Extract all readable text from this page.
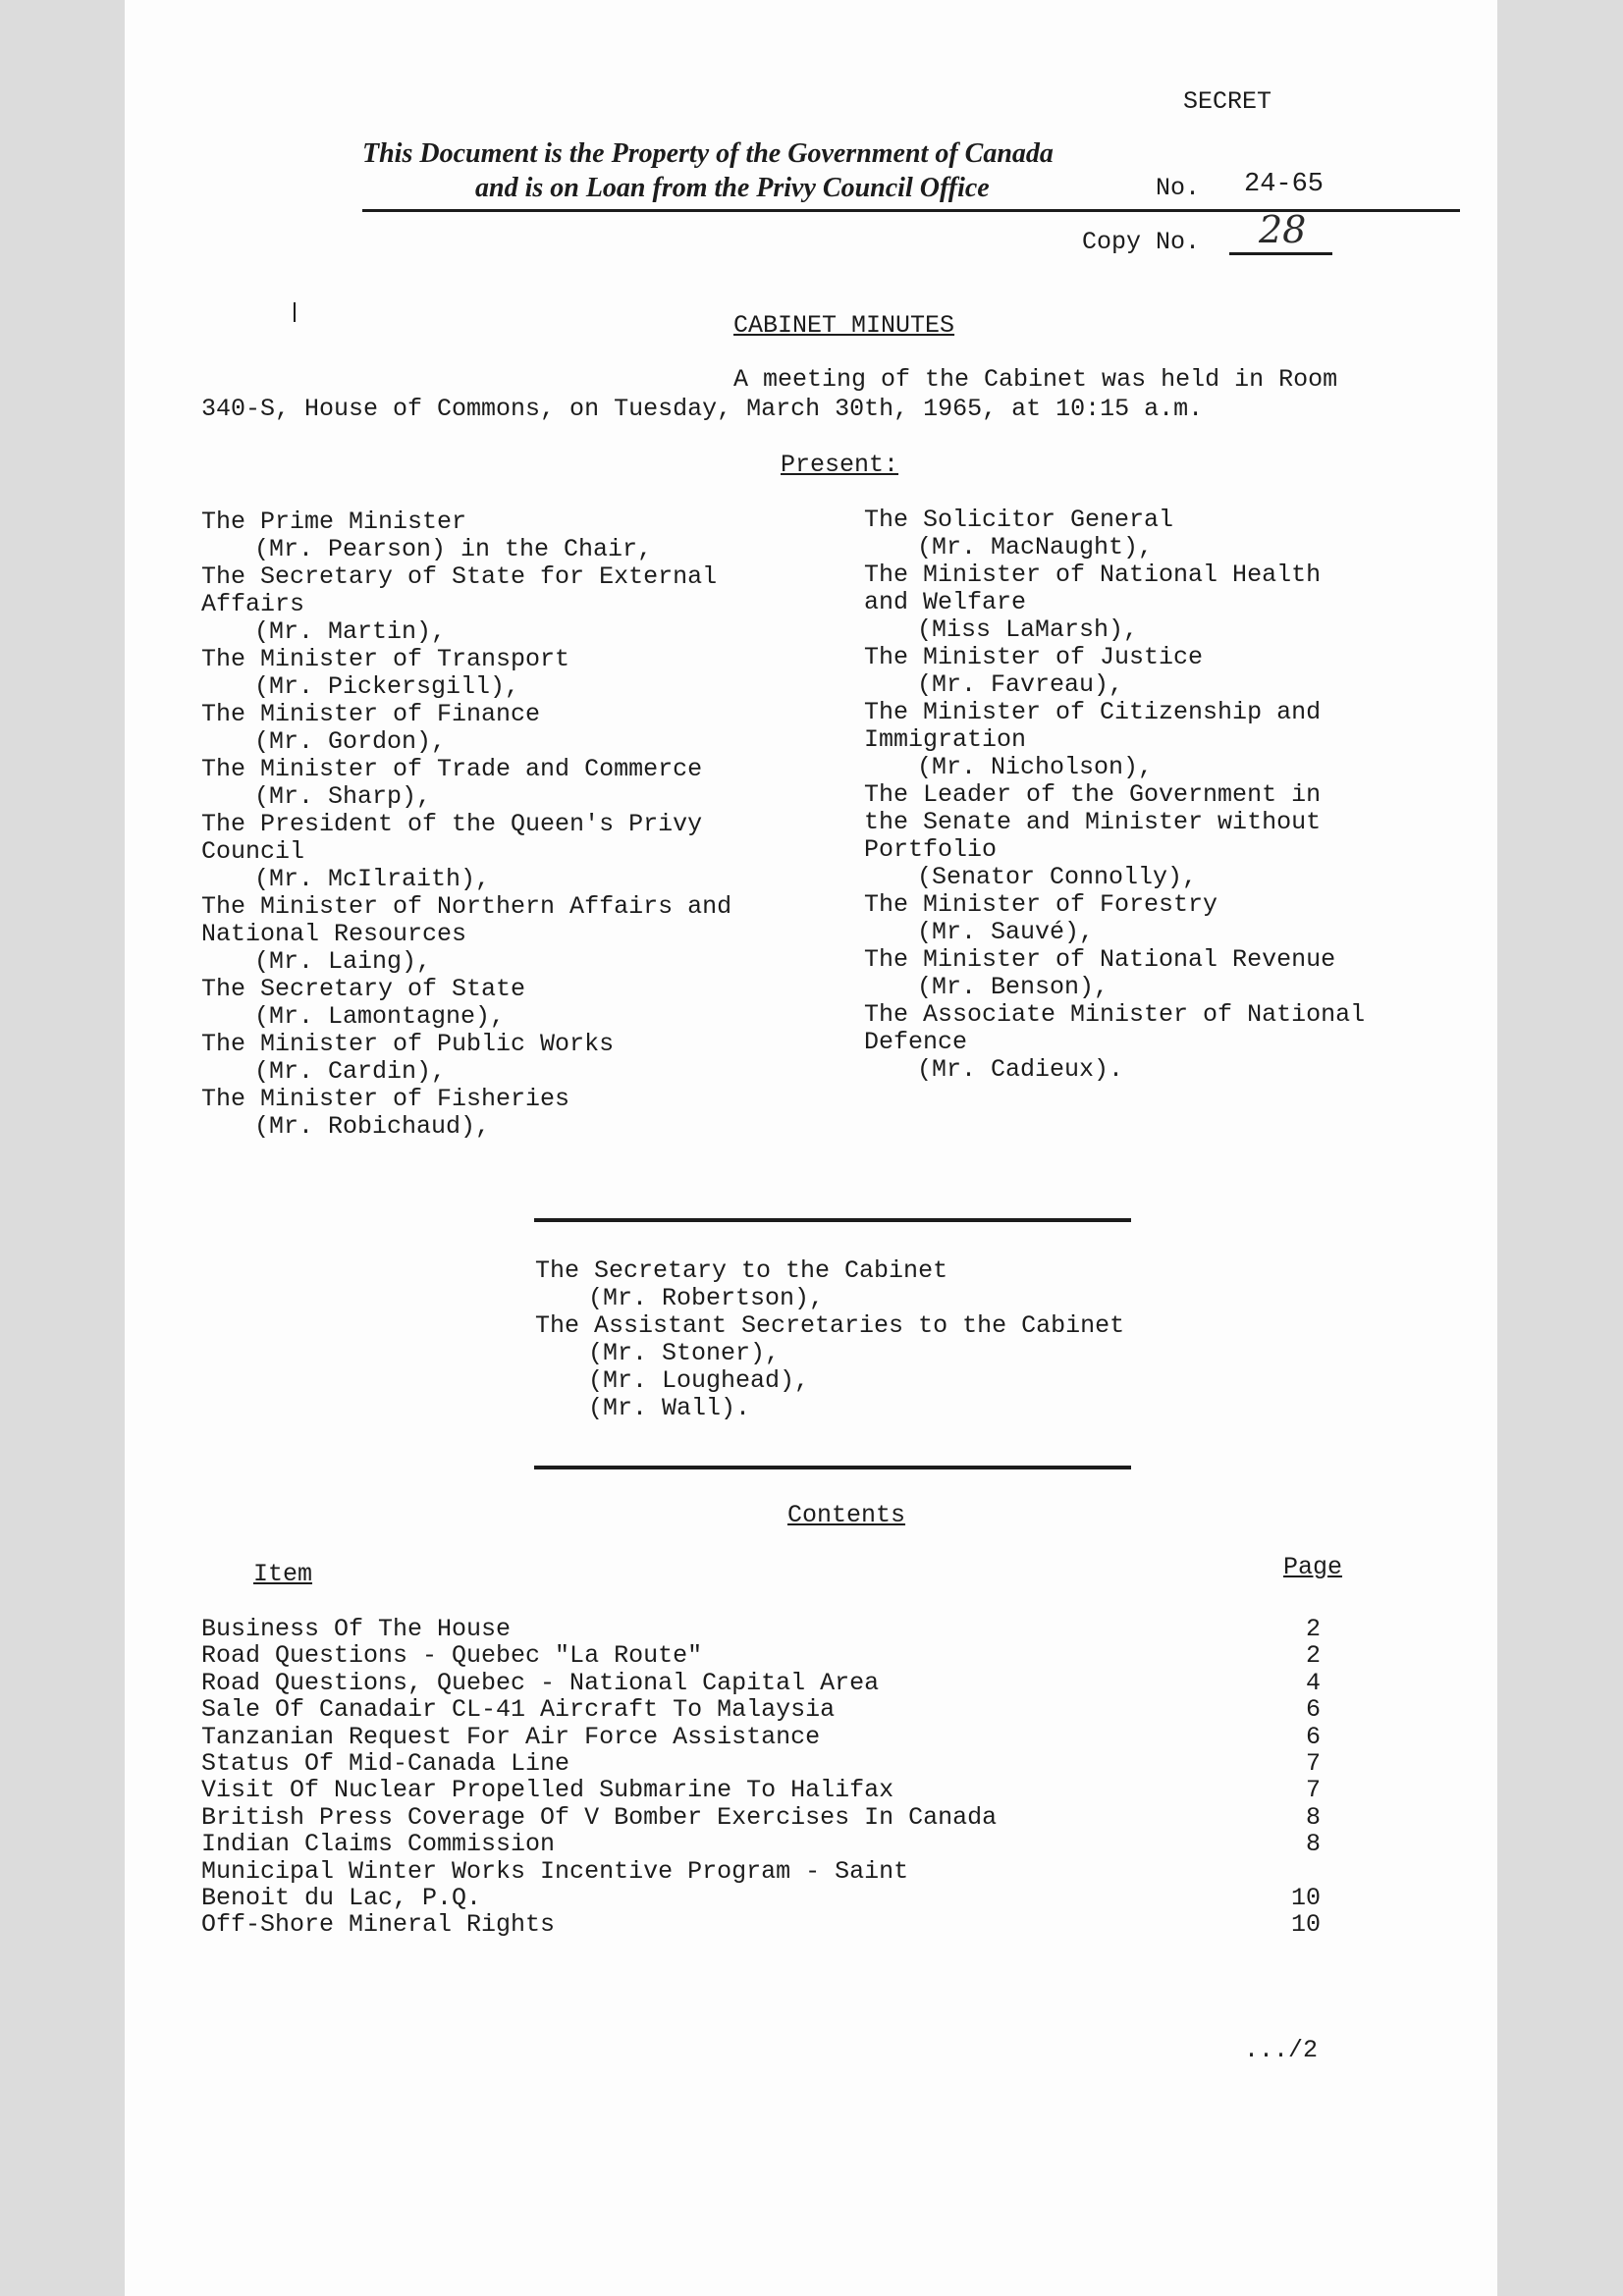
SECRET
This Document is the Property of the Government of Canada
and is on Loan from the Privy Council Office	No. 24-65
Copy No. 28
CABINET MINUTES
A meeting of the Cabinet was held in Room
340-S, House of Commons, on Tuesday, March 30th, 1965, at 10:15 a.m.
Present:
The Prime Minister
(Mr. Pearson) in the Chair,
The Secretary of State for External
Affairs
(Mr. Martin),
The Minister of Transport
(Mr. Pickersgill),
The Minister of Finance
(Mr. Gordon),
The Minister of Trade and Commerce
(Mr. Sharp),
The President of the Queen's Privy
Council
(Mr. McIlraith),
The Minister of Northern Affairs and
National Resources
(Mr. Laing),
The Secretary of State
(Mr. Lamontagne),
The Minister of Public Works
(Mr. Cardin),
The Minister of Fisheries
(Mr. Robichaud),
The Solicitor General
(Mr. MacNaught),
The Minister of National Health
and Welfare
(Miss LaMarsh),
The Minister of Justice
(Mr. Favreau),
The Minister of Citizenship and
Immigration
(Mr. Nicholson),
The Leader of the Government in
the Senate and Minister without
Portfolio
(Senator Connolly),
The Minister of Forestry
(Mr. Sauvé),
The Minister of National Revenue
(Mr. Benson),
The Associate Minister of National
Defence
(Mr. Cadieux).
The Secretary to the Cabinet
(Mr. Robertson),
The Assistant Secretaries to the Cabinet
(Mr. Stoner),
(Mr. Loughead),
(Mr. Wall).
Contents
Item	Page
Business Of The House	2
Road Questions - Quebec "La Route"	2
Road Questions, Quebec - National Capital Area	4
Sale Of Canadair CL-41 Aircraft To Malaysia	6
Tanzanian Request For Air Force Assistance	6
Status Of Mid-Canada Line	7
Visit Of Nuclear Propelled Submarine To Halifax	7
British Press Coverage Of V Bomber Exercises In Canada	8
Indian Claims Commission	8
Municipal Winter Works Incentive Program - Saint
Benoit du Lac, P.Q.	10
Off-Shore Mineral Rights	10
.../2
